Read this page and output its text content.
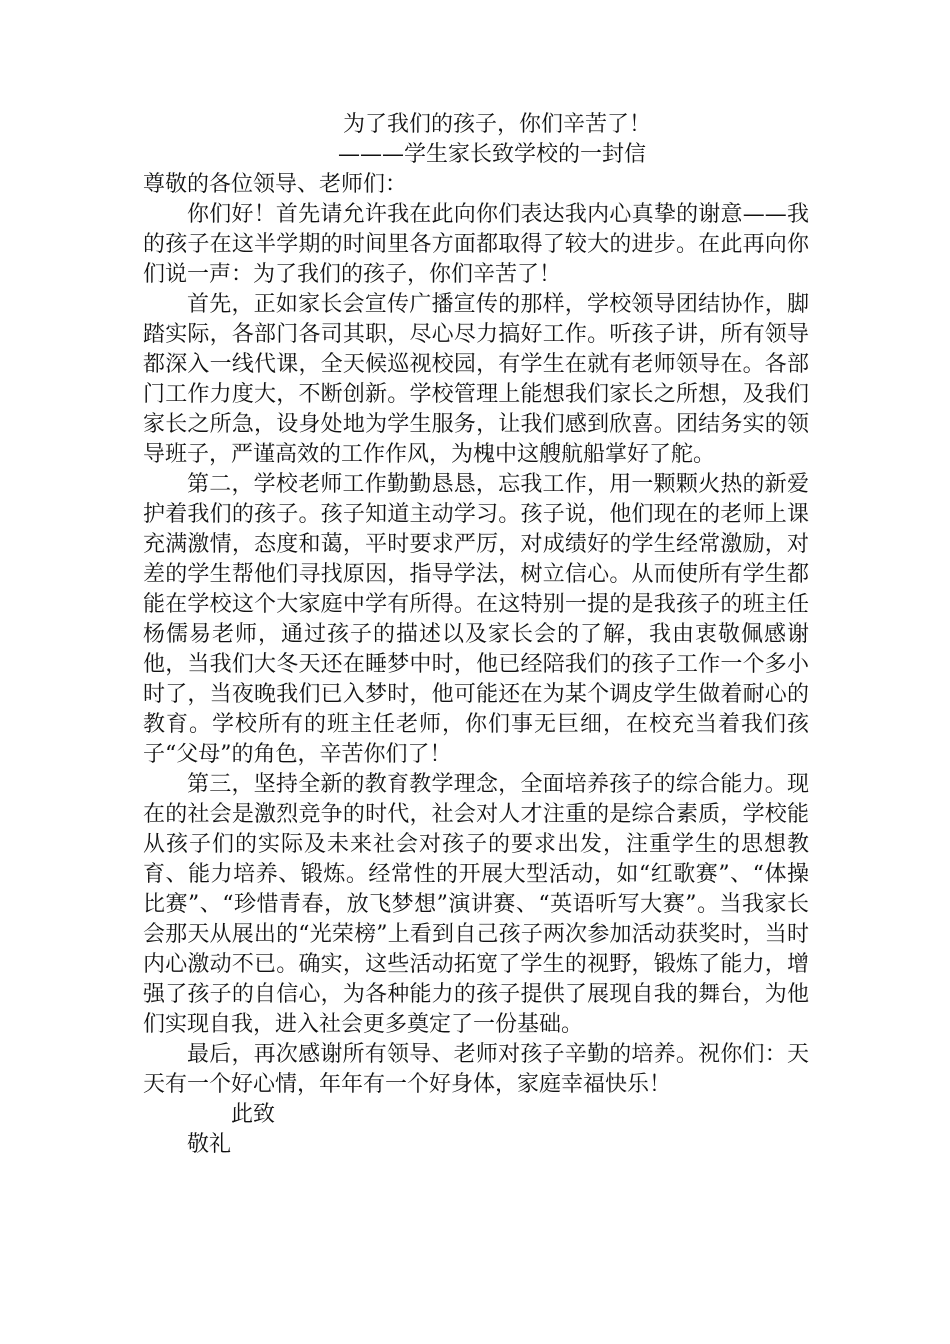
为了我们的孩子，你们辛苦了！
———学生家长致学校的一封信
尊敬的各位领导、老师们：

你们好！首先请允许我在此向你们表达我内心真挚的谢意——我的孩子在这半学期的时间里各方面都取得了较大的进步。在此再向你们说一声：为了我们的孩子，你们辛苦了！

首先，正如家长会宣传广播宣传的那样，学校领导团结协作，脚踏实际，各部门各司其职，尽心尽力搞好工作。听孩子讲，所有领导都深入一线代课，全天候巡视校园，有学生在就有老师领导在。各部门工作力度大，不断创新。学校管理上能想我们家长之所想，及我们家长之所急，设身处地为学生服务，让我们感到欣喜。团结务实的领导班子，严谨高效的工作作风，为槐中这艘航船掌好了舵。

第二，学校老师工作勤勤恳恳，忘我工作，用一颗颗火热的新爱护着我们的孩子。孩子知道主动学习。孩子说，他们现在的老师上课充满激情，态度和蔼，平时要求严厉，对成绩好的学生经常激励，对差的学生帮他们寻找原因，指导学法，树立信心。从而使所有学生都能在学校这个大家庭中学有所得。在这特别一提的是我孩子的班主任杨儒易老师，通过孩子的描述以及家长会的了解，我由衷敬佩感谢他，当我们大冬天还在睡梦中时，他已经陪我们的孩子工作一个多小时了，当夜晚我们已入梦时，他可能还在为某个调皮学生做着耐心的教育。学校所有的班主任老师，你们事无巨细，在校充当着我们孩子“父母”的角色，辛苦你们了！

第三，坚持全新的教育教学理念，全面培养孩子的综合能力。现在的社会是激烈竞争的时代，社会对人才注重的是综合素质，学校能从孩子们的实际及未来社会对孩子的要求出发，注重学生的思想教育、能力培养、锻炼。经常性的开展大型活动，如“红歌赛”、“体操比赛”、“珍惜青春，放飞梦想”演讲赛、“英语听写大赛”。当我家长会那天从展出的“光荣榜”上看到自己孩子两次参加活动获奖时，当时内心激动不已。确实，这些活动拓宽了学生的视野，锻炼了能力，增强了孩子的自信心，为各种能力的孩子提供了展现自我的舞台，为他们实现自我，进入社会更多奠定了一份基础。

最后，再次感谢所有领导、老师对孩子辛勤的培养。祝你们：天天有一个好心情，年年有一个好身体，家庭幸福快乐！

此致
敬礼
